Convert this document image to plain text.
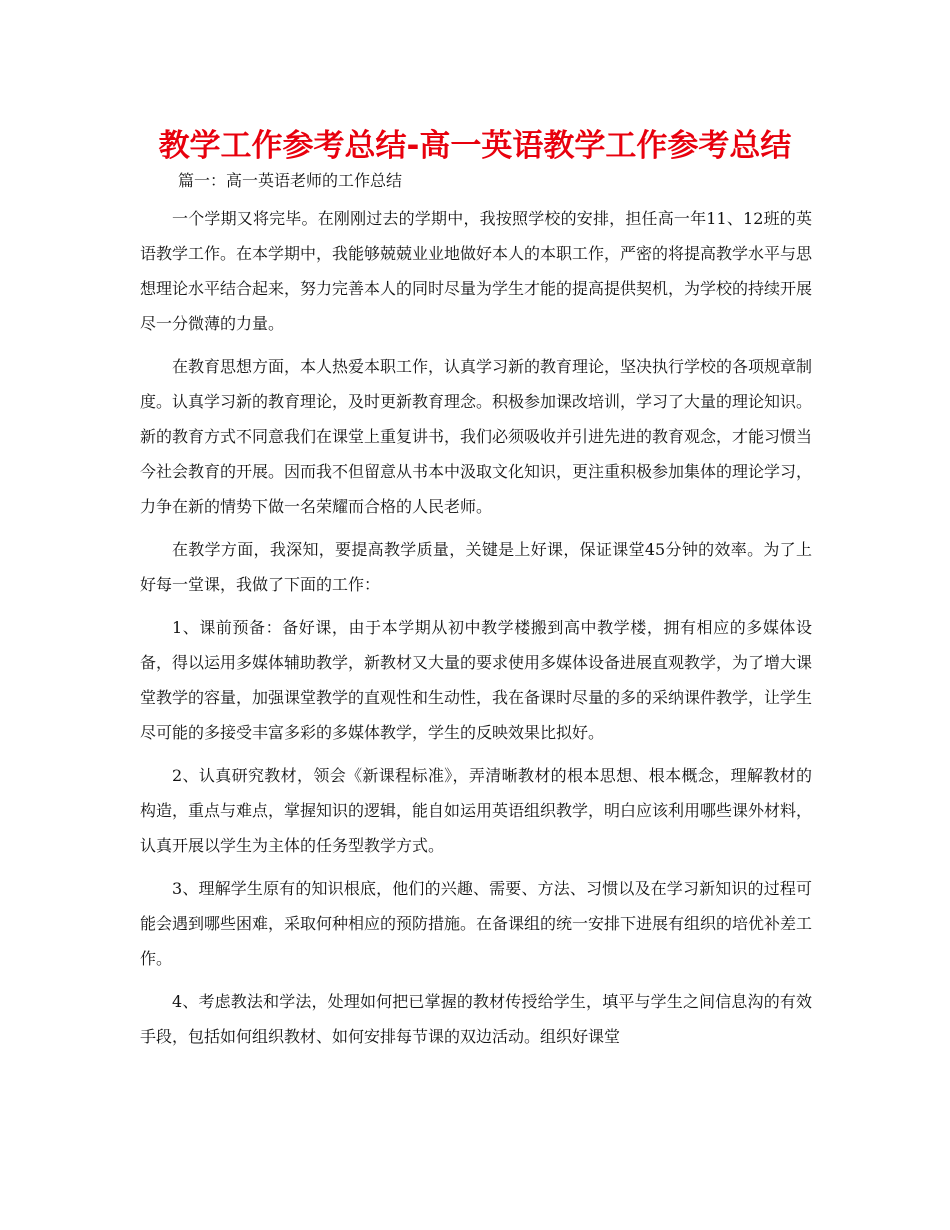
教学工作参考总结-高一英语教学工作参考总结

篇一：高一英语老师的工作总结

一个学期又将完毕。在刚刚过去的学期中，我按照学校的安排，担任高一年11、12班的英语教学工作。在本学期中，我能够兢兢业业地做好本人的本职工作，严密的将提高教学水平与思想理论水平结合起来，努力完善本人的同时尽量为学生才能的提高提供契机，为学校的持续开展尽一分微薄的力量。

在教育思想方面，本人热爱本职工作，认真学习新的教育理论，坚决执行学校的各项规章制度。认真学习新的教育理论，及时更新教育理念。积极参加课改培训，学习了大量的理论知识。新的教育方式不同意我们在课堂上重复讲书，我们必须吸收并引进先进的教育观念，才能习惯当今社会教育的开展。因而我不但留意从书本中汲取文化知识，更注重积极参加集体的理论学习，力争在新的情势下做一名荣耀而合格的人民老师。

在教学方面，我深知，要提高教学质量，关键是上好课，保证课堂45分钟的效率。为了上好每一堂课，我做了下面的工作：

1、课前预备：备好课，由于本学期从初中教学楼搬到高中教学楼，拥有相应的多媒体设备，得以运用多媒体辅助教学，新教材又大量的要求使用多媒体设备进展直观教学，为了增大课堂教学的容量，加强课堂教学的直观性和生动性，我在备课时尽量的多的采纳课件教学，让学生尽可能的多接受丰富多彩的多媒体教学，学生的反映效果比拟好。

2、认真研究教材，领会《新课程标准》，弄清晰教材的根本思想、根本概念，理解教材的构造，重点与难点，掌握知识的逻辑，能自如运用英语组织教学，明白应该利用哪些课外材料，认真开展以学生为主体的任务型教学方式。

3、理解学生原有的知识根底，他们的兴趣、需要、方法、习惯以及在学习新知识的过程可能会遇到哪些困难，采取何种相应的预防措施。在备课组的统一安排下进展有组织的培优补差工作。

4、考虑教法和学法，处理如何把已掌握的教材传授给学生，填平与学生之间信息沟的有效手段，包括如何组织教材、如何安排每节课的双边活动。组织好课堂
